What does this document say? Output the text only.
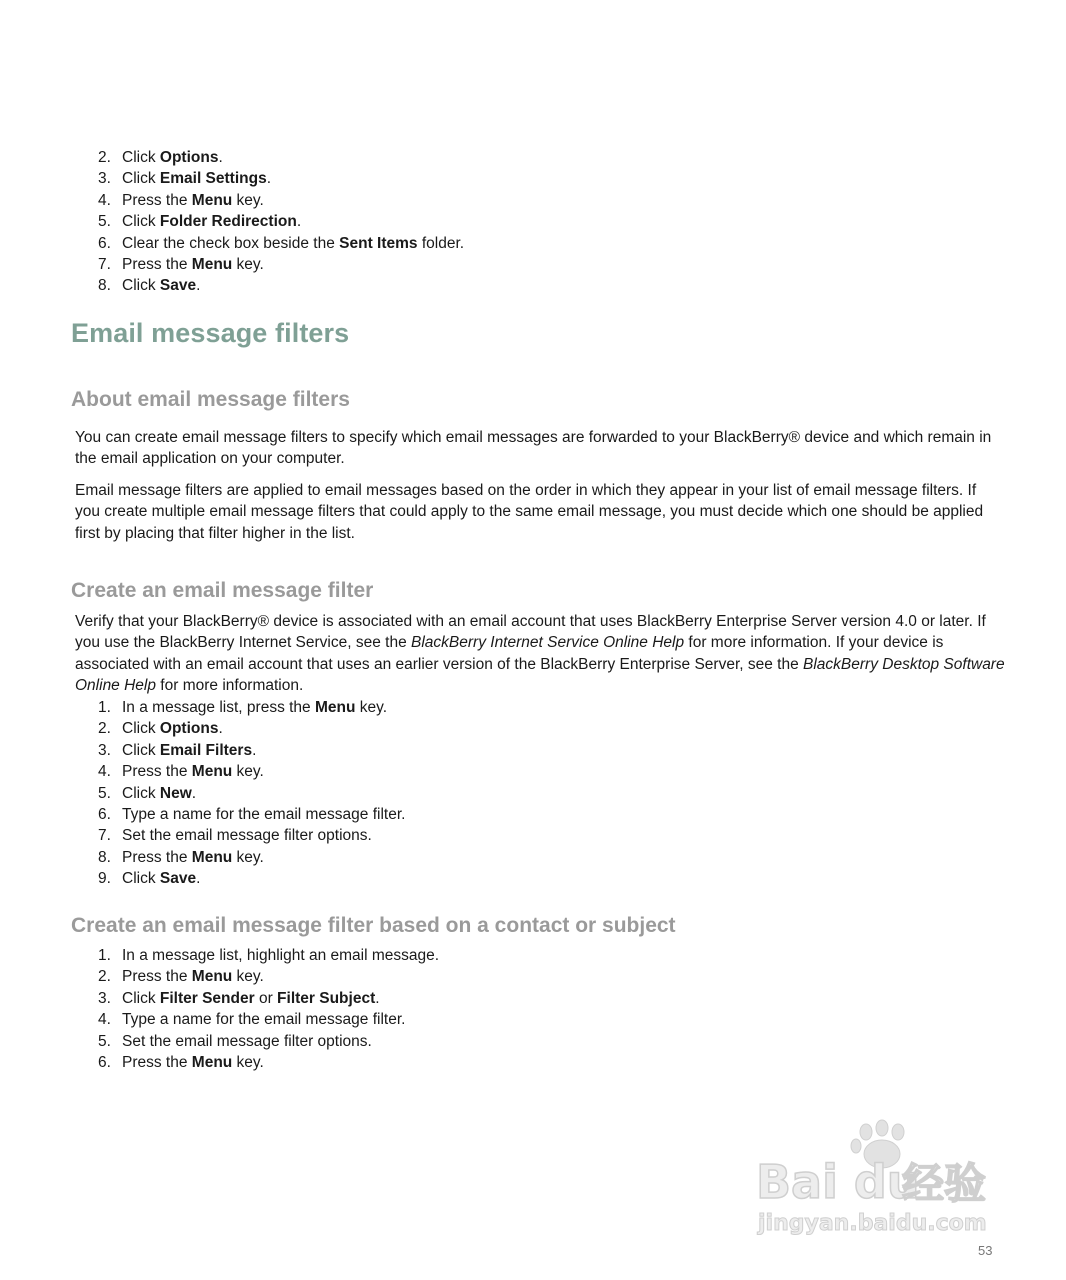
2. Click Options.
3. Click Email Settings.
4. Press the Menu key.
5. Click Folder Redirection.
6. Clear the check box beside the Sent Items folder.
7. Press the Menu key.
8. Click Save.
Email message filters
About email message filters

You can create email message filters to specify which email messages are forwarded to your BlackBerry® device and which remain in the email application on your computer.

Email message filters are applied to email messages based on the order in which they appear in your list of email message filters. If you create multiple email message filters that could apply to the same email message, you must decide which one should be applied first by placing that filter higher in the list.

Create an email message filter

Verify that your BlackBerry® device is associated with an email account that uses BlackBerry Enterprise Server version 4.0 or later. If you use the BlackBerry Internet Service, see the BlackBerry Internet Service Online Help for more information. If your device is associated with an email account that uses an earlier version of the BlackBerry Enterprise Server, see the BlackBerry Desktop Software Online Help for more information.

1. In a message list, press the Menu key.
2. Click Options.
3. Click Email Filters.
4. Press the Menu key.
5. Click New.
6. Type a name for the email message filter.
7. Set the email message filter options.
8. Press the Menu key.
9. Click Save.
Create an email message filter based on a contact or subject
1. In a message list, highlight an email message.
2. Press the Menu key.
3. Click Filter Sender or Filter Subject.
4. Type a name for the email message filter.
5. Set the email message filter options.
6. Press the Menu key.
Bai du
经验
jingyan.baidu.com
53
